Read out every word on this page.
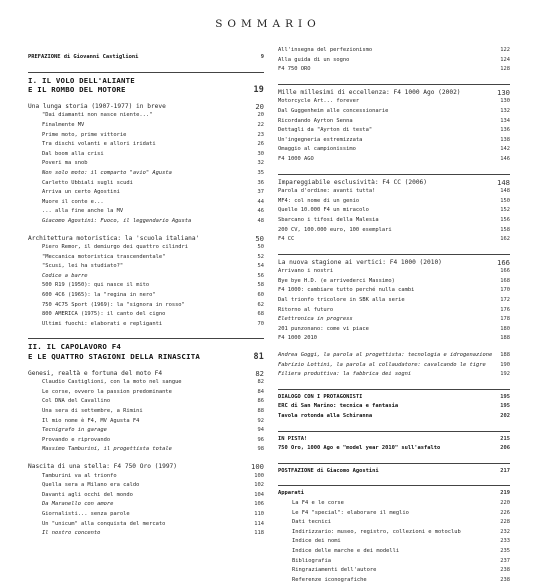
SOMMARIO
PREFAZIONE di Giovanni Castiglioni	9
I. IL VOLO DELL'ALIANTE
E IL ROMBO DEL MOTORE	19
Una lunga storia (1907-1977) in breve	20
"Dai diamanti non nasce niente..."	20
Finalmente MV	22
Prime moto, prime vittorie	23
Tra dischi volanti e allori iridati	26
Dal boom alla crisi	30
Poveri ma snob	32
Non solo moto: il comparto "avio" Agusta	35
Carletto Ubbiali sugli scudi	36
Arriva un certo Agostini	37
Muore il conte e...	44
... alla fine anche la MV	46
Giacomo Agostini: Fuoco, il leggendario Agusta	48
Architettura motoristica: la 'scuola italiana'	50
Piero Remor, il demiurgo dei quattro cilindri	50
"Meccanica motoristica trascendentale"	52
"Scusi, lei ha studiato?"	54
Codice a barre	56
500 R19 (1950): qui nasce il mito	58
600 4C6 (1965): la "regina in nero"	60
750 4C75 Sport (1969): la "signora in rosso"	62
800 AMERICA (1975): il canto del cigno	68
Ultimi fuochi: elaborati e repliganti	70
II. IL CAPOLAVORO F4
E LE QUATTRO STAGIONI DELLA RINASCITA	81
Genesi, realtà e fortuna del moto F4	82
Claudio Castiglioni, con la moto nel sangue	82
Le corse, ovvero la passion predominante	84
Col DNA del Cavallino	86
Una sera di settembre, a Rimini	88
Il mio nome è F4, MV Agusta F4	92
Tecnigrafo in garage	94
Provando e riprovando	96
Massimo Tamburini, il progettista totale	98
Nascita di una stella: F4 750 Oro (1997)	100
Tamburini va al trionfo	100
Quella sera a Milano era caldo	102
Davanti agli occhi del mondo	104
Da Maranello con amore	106
Giornalisti... senza parole	110
Un "unicum" alla conquista del mercato	114
Il nostro concento	118
All'insegna del perfezionismo	122
Alla guida di un sogno	124
F4 750 ORO	128
Mille millesimi di eccellenza: F4 1000 Ago (2002)	130
Motorcycle Art... forever	130
Dal Guggenheim alle concessionarie	132
Ricordando Ayrton Senna	134
Dettagli da "Ayrton di testa"	136
Un'ingegneria estremizzata	138
Omaggio al campionissimo	142
F4 1000 AGO	146
Impareggiabile esclusività: F4 CC (2006)	148
Parola d'ordine: avanti tutta!	148
MF4: col nome di un genio	150
Quelle 10.000 F4 un miracolo	152
Sbarcano i tifosi della Malesia	156
200 CV, 100.000 euro, 100 esemplari	158
F4 CC	162
La nuova stagione ai vertici: F4 1000 (2010)	166
Arrivano i nostri	166
Bye bye H.D. (e arrivederci Massimo)	168
F4 1000: cambiare tutto perché nulla cambi	170
Dal trionfo tricolore in SBK alla serie	172
Ritorno al futuro	176
Elettronica in progress	178
201 punzonano: come vi piace	180
F4 1000 2010	188
Andrea Goggi, la parola al progettista: tecnologia e idrogenazione 188
Fabrizio Lottini, la parola al collaudatore: cavalcando le tigre	190
Filiera produttiva: la fabbrica dei sogni	192
DIALOGO CON I PROTAGONISTI	195
ERC di San Marino: tecnica e fantasia	195
Tavola rotonda alla Schiranna	202
IN PISTA!	215
750 Oro, 1000 Ago e "model year 2010" sull'asfalto	206
POSTFAZIONE di Giacomo Agostini	217
Apparati	219
La F4 e le corse	220
Le F4 "special": elaborare il meglio	226
Dati tecnici	228
Indirizzario: museo, registro, collezioni e motoclub	232
Indice dei nomi	233
Indice delle marche e dei modelli	235
Bibliografia	237
Ringraziamenti dell'autore	238
Referenze iconografiche	238
